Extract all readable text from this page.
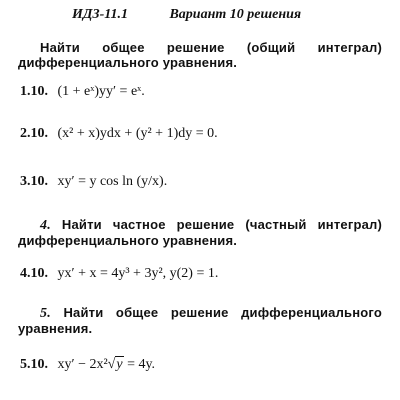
ИДЗ-11.1	Вариант 10 решения
Найти общее решение (общий интеграл) дифференциального уравнения.
1.10. (1 + eˣ)yy′ = eˣ.
2.10. (x² + x)ydx + (y² + 1)dy = 0.
3.10. xy′ = y cos ln (y/x).
4. Найти частное решение (частный интеграл) дифференциального уравнения.
4.10. yx′ + x = 4y³ + 3y², y(2) = 1.
5. Найти общее решение дифференциального уравнения.
5.10. xy′ − 2x²√y = 4y.
